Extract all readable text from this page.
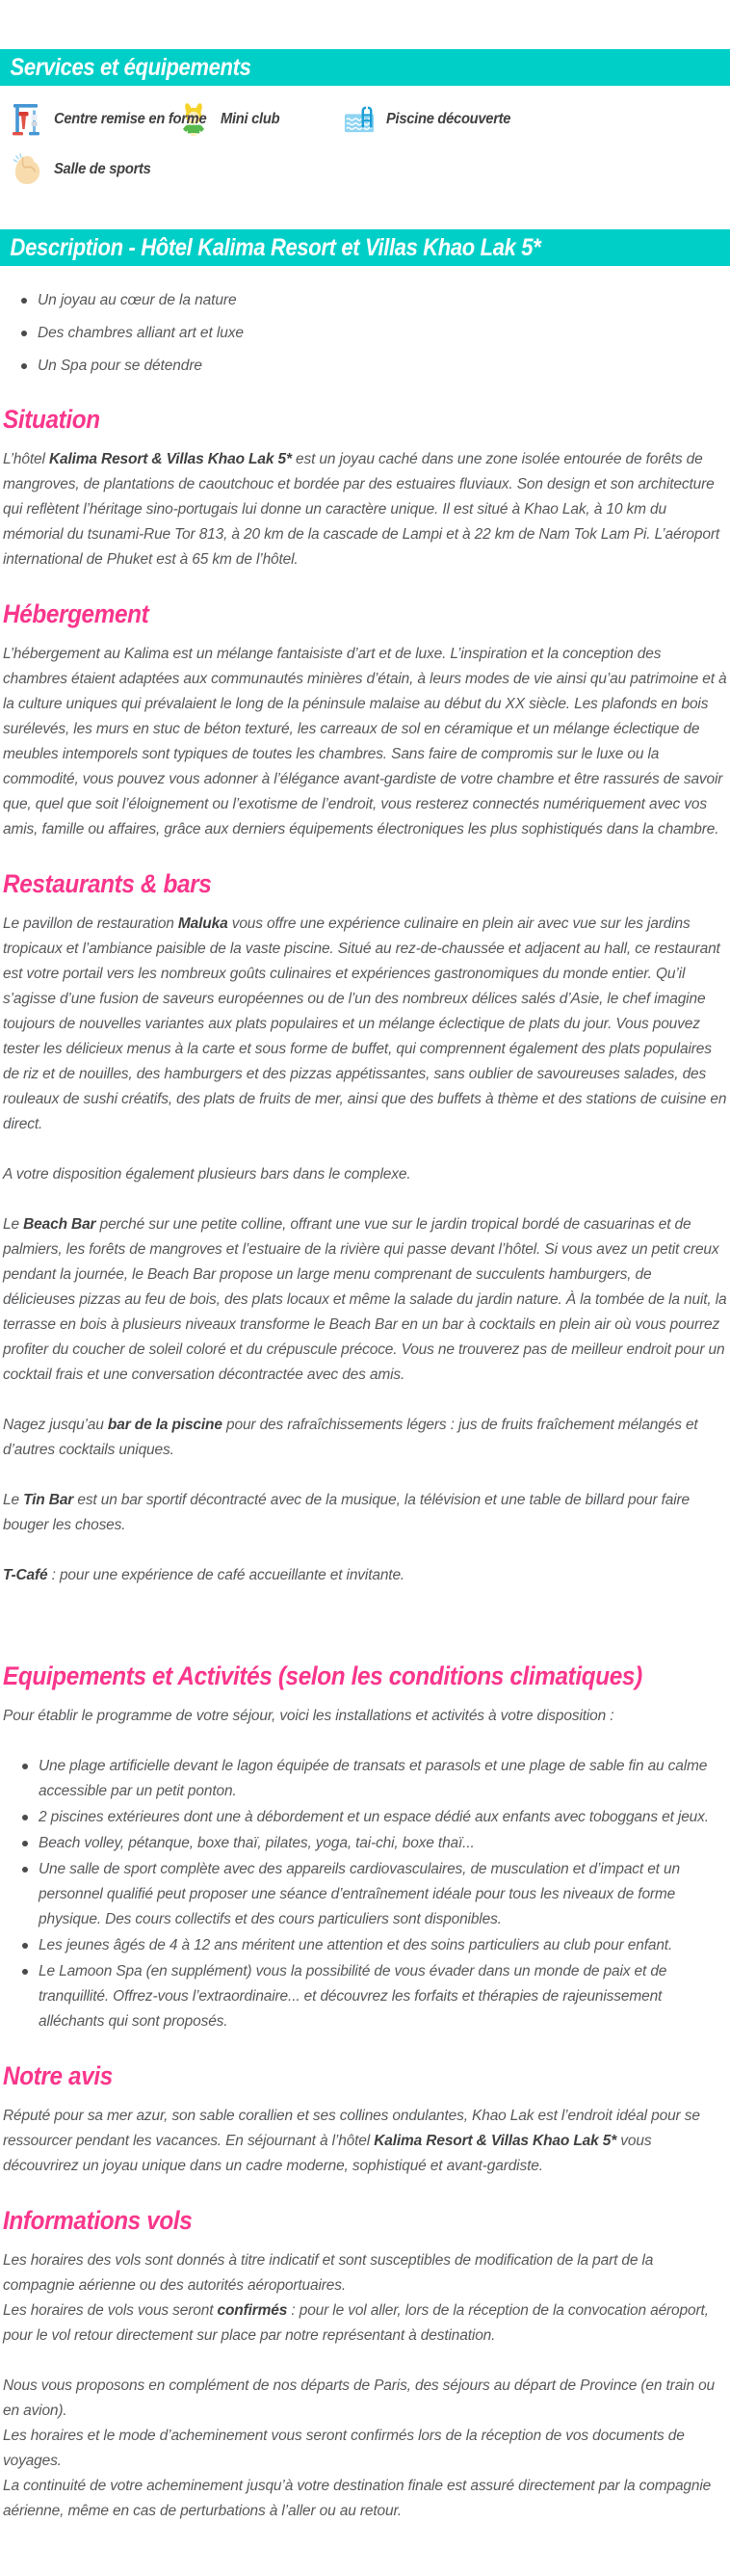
Services et équipements
Centre remise en forme Mini club	Piscine découverte
Salle de sports
Description - Hôtel Kalima Resort et Villas Khao Lak 5*
Un joyau au cœur de la nature
Des chambres alliant art et luxe
Un Spa pour se détendre
Situation

L’hôtel Kalima Resort & Villas Khao Lak 5* est un joyau caché dans une zone isolée entourée de forêts de mangroves, de plantations de caoutchouc et bordée par des estuaires fluviaux. Son design et son architecture qui reflètent l’héritage sino-portugais lui donne un caractère unique. Il est situé à Khao Lak, à 10 km du mémorial du tsunami-Rue Tor 813, à 20 km de la cascade de Lampi et à 22 km de Nam Tok Lam Pi. L’aéroport international de Phuket est à 65 km de l’hôtel.

Hébergement

L’hébergement au Kalima est un mélange fantaisiste d’art et de luxe. L’inspiration et la conception des chambres étaient adaptées aux communautés minières d’étain, à leurs modes de vie ainsi qu’au patrimoine et à la culture uniques qui prévalaient le long de la péninsule malaise au début du XX siècle. Les plafonds en bois surélevés, les murs en stuc de béton texturé, les carreaux de sol en céramique et un mélange éclectique de meubles intemporels sont typiques de toutes les chambres. Sans faire de compromis sur le luxe ou la commodité, vous pouvez vous adonner à l’élégance avant-gardiste de votre chambre et être rassurés de savoir que, quel que soit l’éloignement ou l’exotisme de l’endroit, vous resterez connectés numériquement avec vos amis, famille ou affaires, grâce aux derniers équipements électroniques les plus sophistiqués dans la chambre.

Restaurants & bars

Le pavillon de restauration Maluka vous offre une expérience culinaire en plein air avec vue sur les jardins tropicaux et l’ambiance paisible de la vaste piscine. Situé au rez-de-chaussée et adjacent au hall, ce restaurant est votre portail vers les nombreux goûts culinaires et expériences gastronomiques du monde entier. Qu’il s’agisse d’une fusion de saveurs européennes ou de l’un des nombreux délices salés d’Asie, le chef imagine toujours de nouvelles variantes aux plats populaires et un mélange éclectique de plats du jour. Vous pouvez tester les délicieux menus à la carte et sous forme de buffet, qui comprennent également des plats populaires de riz et de nouilles, des hamburgers et des pizzas appétissantes, sans oublier de savoureuses salades, des rouleaux de sushi créatifs, des plats de fruits de mer, ainsi que des buffets à thème et des stations de cuisine en direct.

A votre disposition également plusieurs bars dans le complexe.

Le Beach Bar perché sur une petite colline, offrant une vue sur le jardin tropical bordé de casuarinas et de palmiers, les forêts de mangroves et l’estuaire de la rivière qui passe devant l’hôtel. Si vous avez un petit creux pendant la journée, le Beach Bar propose un large menu comprenant de succulents hamburgers, de délicieuses pizzas au feu de bois, des plats locaux et même la salade du jardin nature. À la tombée de la nuit, la terrasse en bois à plusieurs niveaux transforme le Beach Bar en un bar à cocktails en plein air où vous pourrez profiter du coucher de soleil coloré et du crépuscule précoce. Vous ne trouverez pas de meilleur endroit pour un cocktail frais et une conversation décontractée avec des amis.

Nagez jusqu’au bar de la piscine pour des rafraîchissements légers : jus de fruits fraîchement mélangés et d’autres cocktails uniques.

Le Tin Bar est un bar sportif décontracté avec de la musique, la télévision et une table de billard pour faire bouger les choses.

T-Café : pour une expérience de café accueillante et invitante.

Equipements et Activités (selon les conditions climatiques)

Pour établir le programme de votre séjour, voici les installations et activités à votre disposition :

Une plage artificielle devant le lagon équipée de transats et parasols et une plage de sable fin au calme accessible par un petit ponton.
2 piscines extérieures dont une à débordement et un espace dédié aux enfants avec toboggans et jeux.
Beach volley, pétanque, boxe thaï, pilates, yoga, tai-chi, boxe thaï...
Une salle de sport complète avec des appareils cardiovasculaires, de musculation et d’impact et un personnel qualifié peut proposer une séance d’entraînement idéale pour tous les niveaux de forme physique. Des cours collectifs et des cours particuliers sont disponibles.
Les jeunes âgés de 4 à 12 ans méritent une attention et des soins particuliers au club pour enfant.
Le Lamoon Spa (en supplément) vous la possibilité de vous évader dans un monde de paix et de tranquillité. Offrez-vous l’extraordinaire... et découvrez les forfaits et thérapies de rajeunissement alléchants qui sont proposés.
Notre avis

Réputé pour sa mer azur, son sable corallien et ses collines ondulantes, Khao Lak est l’endroit idéal pour se ressourcer pendant les vacances. En séjournant à l’hôtel Kalima Resort & Villas Khao Lak 5* vous découvrirez un joyau unique dans un cadre moderne, sophistiqué et avant-gardiste.

Informations vols

Les horaires des vols sont donnés à titre indicatif et sont susceptibles de modification de la part de la compagnie aérienne ou des autorités aéroportuaires.
Les horaires de vols vous seront confirmés : pour le vol aller, lors de la réception de la convocation aéroport, pour le vol retour directement sur place par notre représentant à destination.

Nous vous proposons en complément de nos départs de Paris, des séjours au départ de Province (en train ou en avion).
Les horaires et le mode d’acheminement vous seront confirmés lors de la réception de vos documents de voyages.
La continuité de votre acheminement jusqu’à votre destination finale est assuré directement par la compagnie aérienne, même en cas de perturbations à l’aller ou au retour.
